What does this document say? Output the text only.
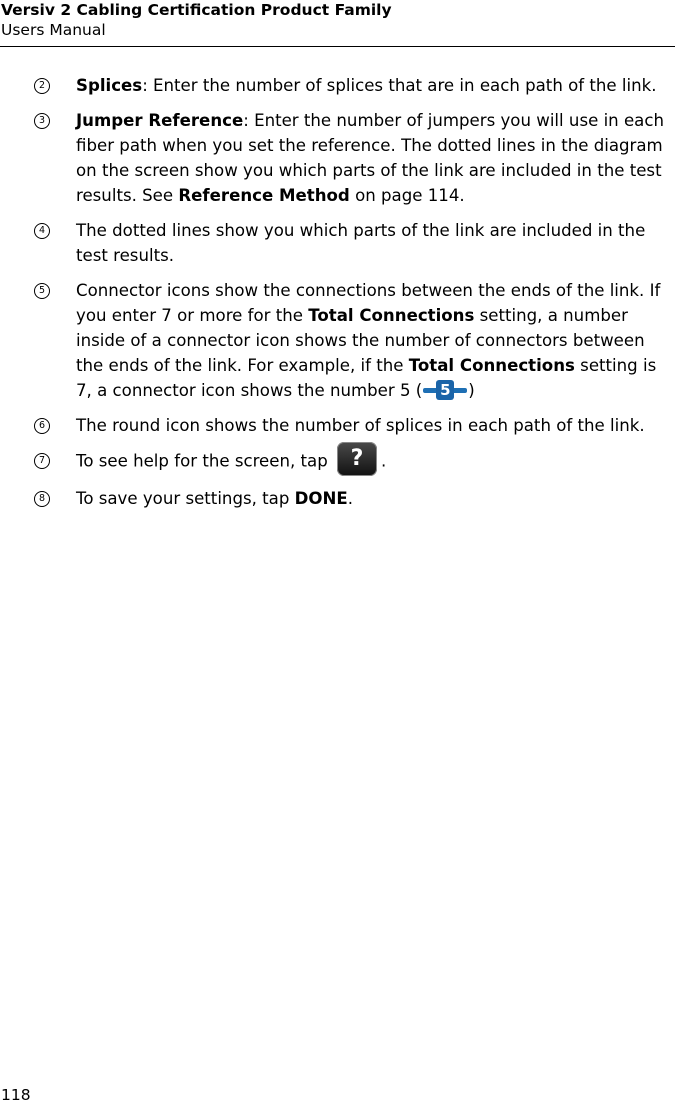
Versiv 2 Cabling Certification Product Family
Users Manual
2	Splices: Enter the number of splices that are in each path of the link.
3	Jumper Reference: Enter the number of jumpers you will use in each fiber path when you set the reference. The dotted lines in the diagram on the screen show you which parts of the link are included in the test results. See Reference Method on page 114.
4	The dotted lines show you which parts of the link are included in the test results.
5	Connector icons show the connections between the ends of the link. If you enter 7 or more for the Total Connections setting, a number inside of a connector icon shows the number of connectors between the ends of the link. For example, if the Total Connections setting is 7, a connector icon shows the number 5 ( 5 )
6	The round icon shows the number of splices in each path of the link.
7	To see help for the screen, tap ? .
8	To save your settings, tap DONE.
118
